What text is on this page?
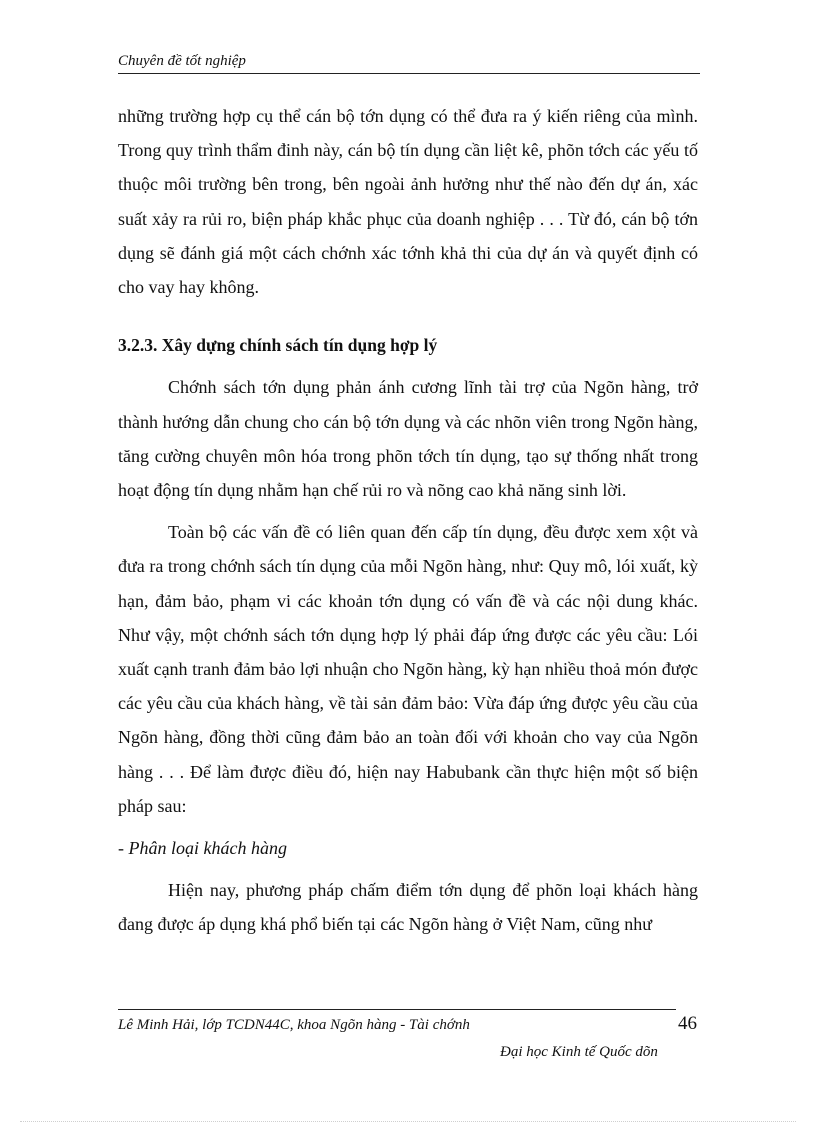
Chuyên đề tốt nghiệp

những trường hợp cụ thể cán bộ tớn dụng có thể đưa ra ý kiến riêng của mình. Trong quy trình thẩm đinh này, cán bộ tín dụng cần liệt kê, phõn tớch các yếu tố thuộc môi trường bên trong, bên ngoài ảnh hưởng như thế nào đến dự án, xác suất xảy ra rủi ro, biện pháp khắc phục của doanh nghiệp . . . Từ đó, cán bộ tớn dụng sẽ đánh giá một cách chớnh xác tớnh khả thi của dự án và quyết định có cho vay hay không.

3.2.3. Xây dựng chính sách tín dụng hợp lý

Chớnh sách tớn dụng phản ánh cương lĩnh tài trợ của Ngõn hàng, trở thành hướng dẫn chung cho cán bộ tớn dụng và các nhõn viên trong Ngõn hàng, tăng cường chuyên môn hóa trong phõn tớch tín dụng, tạo sự thống nhất trong hoạt động tín dụng nhằm hạn chế rủi ro và nõng cao khả năng sinh lời.

Toàn bộ các vấn đề có liên quan đến cấp tín dụng, đều được xem xột và đưa ra trong chớnh sách tín dụng của mỗi Ngõn hàng, như: Quy mô, lói xuất, kỳ hạn, đảm bảo, phạm vi các khoản tớn dụng có vấn đề và các nội dung khác. Như vậy, một chớnh sách tớn dụng hợp lý phải đáp ứng được các yêu cầu: Lói xuất cạnh tranh đảm bảo lợi nhuận cho Ngõn hàng, kỳ hạn nhiều thoả món được các yêu cầu của khách hàng, về tài sản đảm bảo: Vừa đáp ứng được yêu cầu của Ngõn hàng, đồng thời cũng đảm bảo an toàn đối với khoản cho vay của Ngõn hàng . . . Để làm được điều đó, hiện nay Habubank cần thực hiện một số biện pháp sau:

- Phân loại khách hàng

Hiện nay, phương pháp chấm điểm tớn dụng để phõn loại khách hàng đang được áp dụng khá phổ biến tại các Ngõn hàng ở Việt Nam, cũng như

Lê Minh Hải, lớp TCDN44C, khoa Ngõn hàng - Tài chớnh	46
Đại học Kinh tế Quốc dõn
